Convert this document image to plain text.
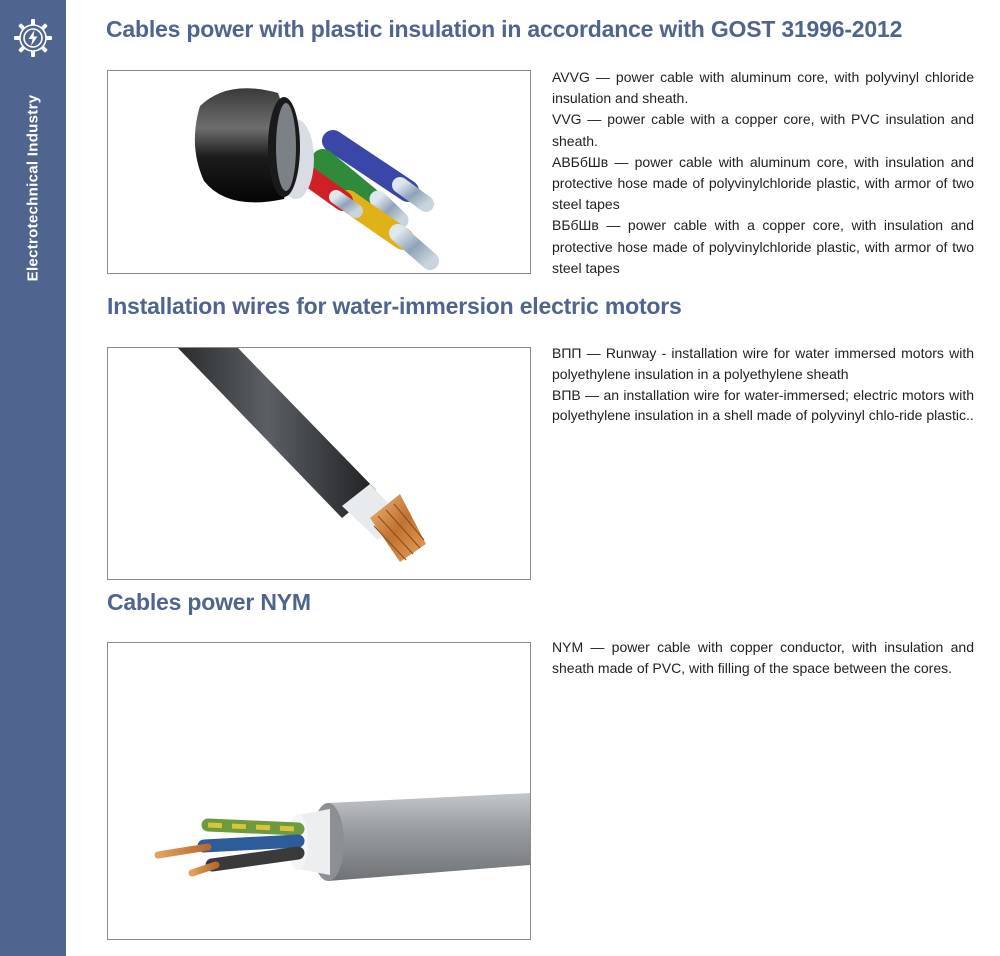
Electrotechnical Industry
Cables power with plastic insulation in accordance with GOST 31996-2012

AVVG — power cable with aluminum core, with polyvinyl chloride insulation and sheath.

VVG — power cable with a copper core, with PVC insulation and sheath.

АВБбШв — power cable with aluminum core, with insulation and protective hose made of polyvinylchloride plastic, with armor of two steel tapes

ВБбШв — power cable with a copper core, with insulation and protective hose made of polyvinylchloride plastic, with armor of two steel tapes

Installation wires for water-immersion electric motors

ВПП — Runway - installation wire for water immersed motors with polyethylene insulation in a polyethylene sheath

ВПВ — an installation wire for water-immersed; electric motors with polyethylene insulation in a shell made of polyvinyl chlo-ride plastic..

Cables power NYM

NYM — power cable with copper conductor, with insulation and sheath made of PVC, with filling of the space between the cores.
